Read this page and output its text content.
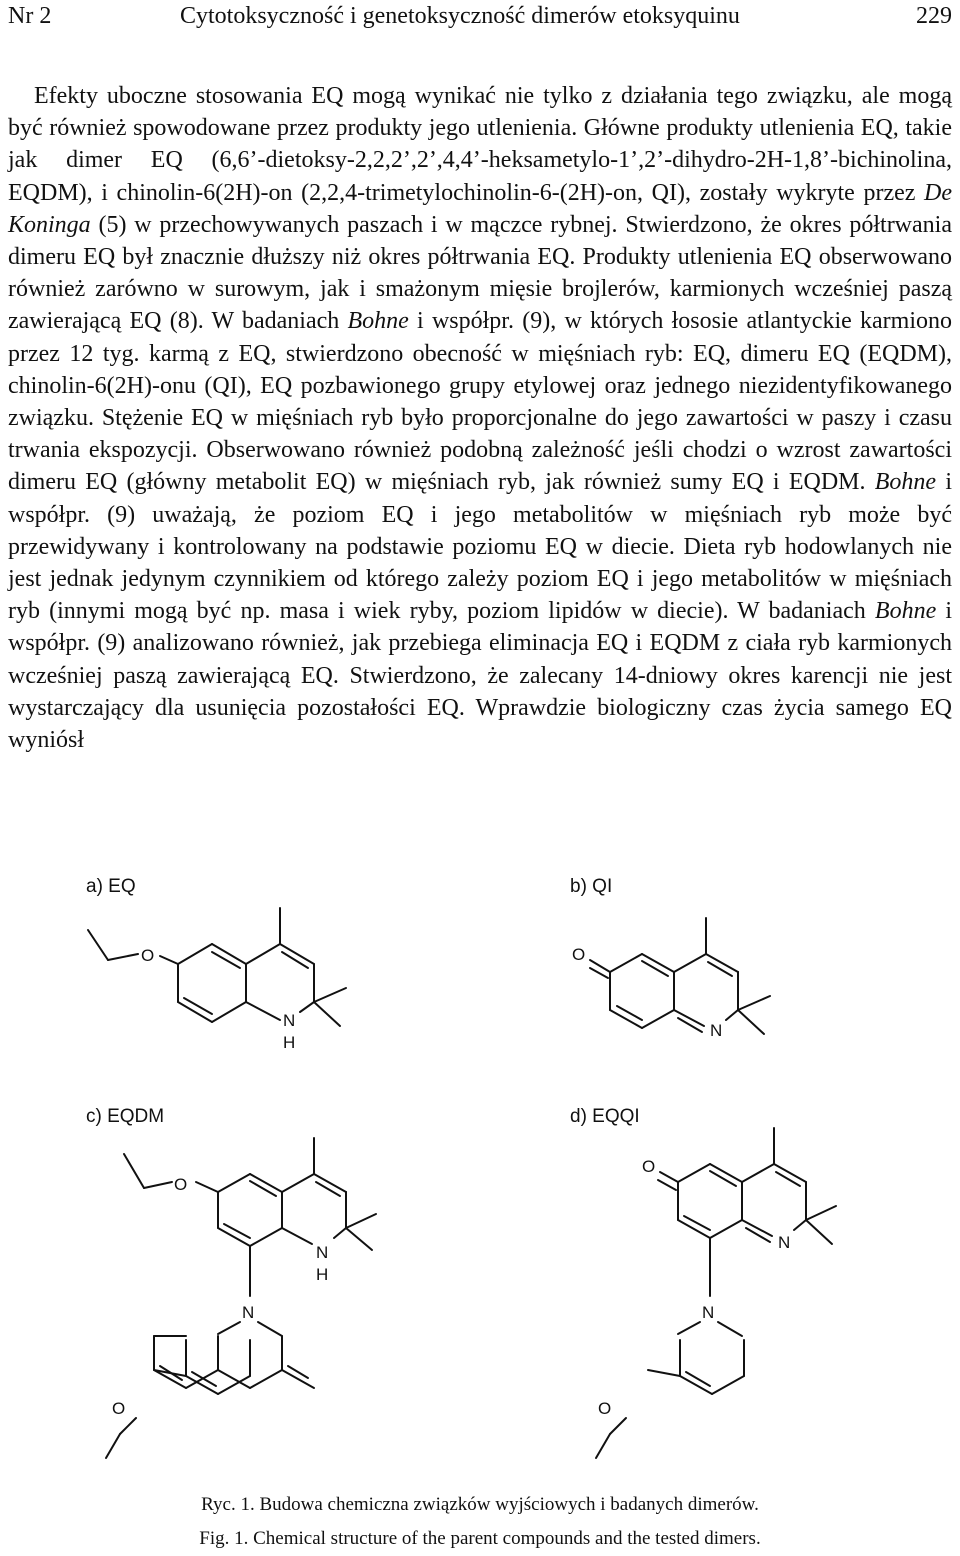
Nr 2	Cytotoksyczność i genetoksyczność dimerów etoksyquinu	229

Efekty uboczne stosowania EQ mogą wynikać nie tylko z działania tego związku, ale mogą być również spowodowane przez produkty jego utlenienia. Główne produkty utlenienia EQ, takie jak dimer EQ (6,6’-dietoksy-2,2,2’,2’,4,4’-heksametylo-1’,2’-dihydro-2H-1,8’-bichinolina, EQDM), i chinolin-6(2H)-on (2,2,4-trimetylochinolin-6-(2H)-on, QI), zostały wykryte przez De Koninga (5) w przechowywanych paszach i w mączce rybnej. Stwierdzono, że okres półtrwania dimeru EQ był znacznie dłuższy niż okres półtrwania EQ. Produkty utlenienia EQ obserwowano również zarówno w surowym, jak i smażonym mięsie brojlerów, karmionych wcześniej paszą zawierającą EQ (8). W badaniach Bohne i współpr. (9), w których łososie atlantyckie karmiono przez 12 tyg. karmą z EQ, stwierdzono obecność w mięśniach ryb: EQ, dimeru EQ (EQDM), chinolin-6(2H)-onu (QI), EQ pozbawionego grupy etylowej oraz jednego niezidentyfikowanego związku. Stężenie EQ w mięśniach ryb było proporcjonalne do jego zawartości w paszy i czasu trwania ekspozycji. Obserwowano również podobną zależność jeśli chodzi o wzrost zawartości dimeru EQ (główny metabolit EQ) w mięśniach ryb, jak również sumy EQ i EQDM. Bohne i współpr. (9) uważają, że poziom EQ i jego metabolitów w mięśniach ryb może być przewidywany i kontrolowany na podstawie poziomu EQ w diecie. Dieta ryb hodowlanych nie jest jednak jedynym czynnikiem od którego zależy poziom EQ i jego metabolitów w mięśniach ryb (innymi mogą być np. masa i wiek ryby, poziom lipidów w diecie). W badaniach Bohne i współpr. (9) analizowano również, jak przebiega eliminacja EQ i EQDM z ciała ryb karmionych wcześniej paszą zawierającą EQ. Stwierdzono, że zalecany 14-dniowy okres karencji nie jest wystarczający dla usunięcia pozostałości EQ. Wprawdzie biologiczny czas życia samego EQ wyniósł

a) EQ	b) QI
c) EQDM	d) EQQI
O
N
H
O
N
O
N
H
N
O
N
N
O	O
Ryc. 1. Budowa chemiczna związków wyjściowych i badanych dimerów.
Fig. 1. Chemical structure of the parent compounds and the tested dimers.
